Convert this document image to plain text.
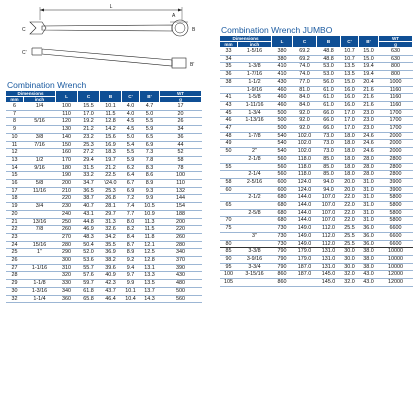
L
C
A
B
C'
B'
Combination Wrench
Dimensions		L	C	B	C'	B'	WT
mm	inch						g
6	1/4	100	15.5	10.1	4.0	4.7	17
7		110	17.0	11.5	4.0	5.0	20
8	5/16	120	19.2	12.8	4.5	5.5	26
9		130	21.2	14.2	4.5	5.9	34
10	3/8	140	23.2	15.6	5.0	6.5	36
11	7/16	150	25.3	16.9	5.4	6.9	44
12		160	27.2	18.3	5.5	7.3	52
13	1/2	170	29.4	19.7	5.9	7.8	58
14	9/16	180	31.5	21.2	6.2	8.3	78
15		190	33.2	22.5	6.4	8.6	100
16	5/8	200	34.7	\24.0	6.7	8.9	110
17	11/16	210	36.5	25.3	6.9	9.3	132
18		220	38.7	26.8	7.2	9.9	144
19	3/4	230	40.7	28.1	7.4	10.5	154
20		240	43.1	29.7	7.7	10.9	188
21	13/16	250	44.8	31.3	8.0	11.3	200
22	7/8	260	46.9	32.6	8.2	11.5	220
23		270	48.3	34.2	8.4	11.8	260
24	15/16	280	50.4	35.5	8.7	12.1	280
25	1"	290	52.0	36.9	8.9	12.5	340
26		300	53.6	38.2	9.2	12.8	370
27	1-1/16	310	55.7	39.6	9.4	13.1	390
28		320	57.6	40.9	9.7	13.3	430
29	1-1/8	330	59.7	42.3	9.9	13.5	480
30	1-3/16	340	61.8	43.7	10.1	13.7	500
32	1-1/4	360	65.8	46.4	10.4	14.3	560
Combination Wrench JUMBO
Dimensions		L	C	B	C'	B'	WT
mm	inch						g
33	1-5/16	380	69.2	48.8	10.7	15.0	630
34		380	69.2	48.8	10.7	15.0	630
35	1-3/8	410	74.0	53.0	13.5	19.4	800
36	1-7/16	410	74.0	53.0	13.5	19.4	800
38	1-1/2	430	77.0	56.0	15.0	20.4	1000
	1-9/16	460	81.0	61.0	16.0	21.6	1160
41	1-5/8	460	84.0	61.0	16.0	21.6	1160
43	1-11/16	460	84.0	61.0	16.0	21.6	1160
45	1-3/4	500	92.0	66.0	17.0	23.0	1700
46	1-13/16	500	92.0	66.0	17.0	23.0	1700
47		500	92.0	66.0	17.0	23.0	1700
48	1-7/8	540	102.0	73.0	18.0	24.6	2000
49		540	102.0	73.0	18.0	24.6	2000
50	2"	540	102.0	73.0	18.0	24.6	2000
	2-1/8	560	118.0	85.0	18.0	28.0	2800
55		560	118.0	85.0	18.0	28.0	2800
	2-1/4	560	118.0	85.0	18.0	28.0	2800
58	2-5/16	600	124.0	94.0	20.0	31.0	3900
60		600	124.0	94.0	20.0	31.0	3900
	2-1/2	680	144.0	107.0	22.0	31.0	5800
65		680	144.0	107.0	22.0	31.0	5800
	2-5/8	680	144.0	107.0	22.0	31.0	5800
70		680	144.0	107.0	22.0	31.0	5800
75		730	149.0	112.0	25.5	36.0	6600
	3"	730	149.0	112.0	25.5	36.0	6600
80		730	149.0	112.0	25.5	36.0	6600
85	3-3/8	790	179.0	131.0	30.0	38.0	10000
90	3-9/16	790	179.0	131.0	30.0	38.0	10000
95	3-3/4	790	187.0	131.0	30.0	38.0	10000
100	3-15/16	860	187.0	145.0	32.0	43.0	12000
105		860		145.0	32.0	43.0	12000
